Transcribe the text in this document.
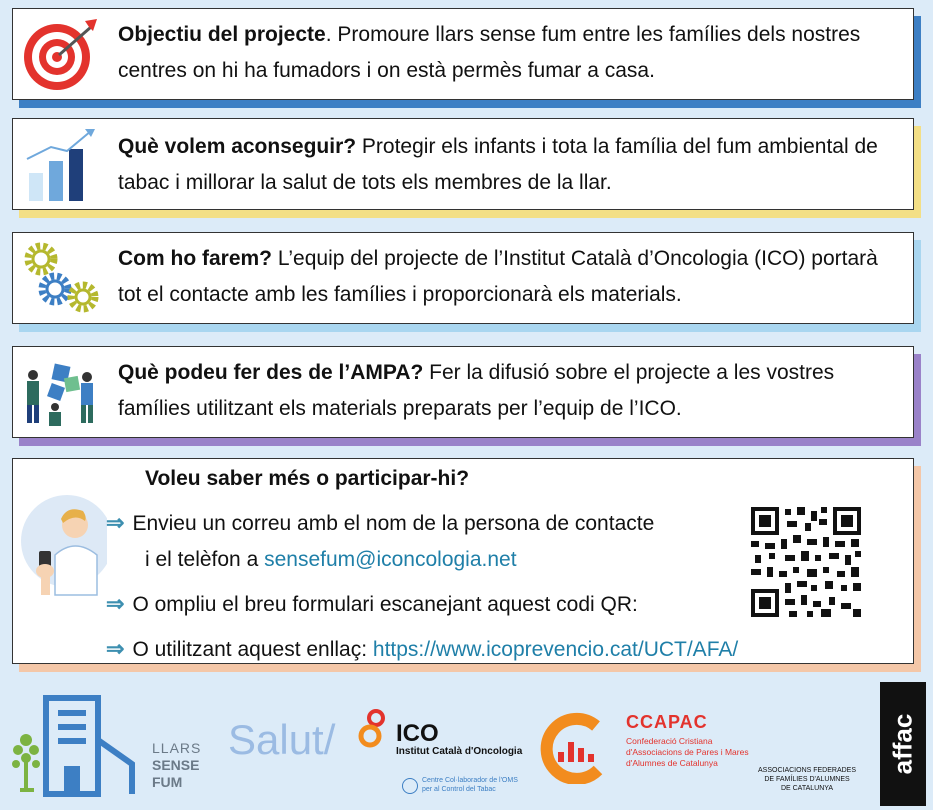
Objectiu del projecte. Promoure llars sense fum entre les famílies dels nostres centres on hi ha fumadors i on està permès fumar a casa.
Què volem aconseguir? Protegir els infants i tota la família del fum ambiental de tabac i millorar la salut de tots els membres de la llar.
Com ho farem? L’equip del projecte de l’Institut Català d’Oncologia (ICO) portarà tot el contacte amb les famílies i proporcionarà els materials.
Què podeu fer des de l’AMPA? Fer la difusió sobre el projecte a les vostres famílies utilitzant els materials preparats per l’equip de l’ICO.
Voleu saber més o participar-hi?
⇒ Envieu un correu amb el nom de la persona de contacte
i el telèfon a sensefum@iconcologia.net
⇒ O ompliu el breu formulari escanejant aquest codi QR:
⇒ O utilitzant aquest enllaç: https://www.icoprevencio.cat/UCT/AFA/
LLARS
SENSE
FUM
Salut/	ICO
Institut Català d'Oncologia
Centre Col·laborador de l'OMS
per al Control del Tabac
CCAPAC
Confederació Cristiana
d'Associacions de Pares i Mares
d'Alumnes de Catalunya
ASSOCIACIONS FEDERADES
DE FAMÍLIES D'ALUMNES
DE CATALUNYA
affac
